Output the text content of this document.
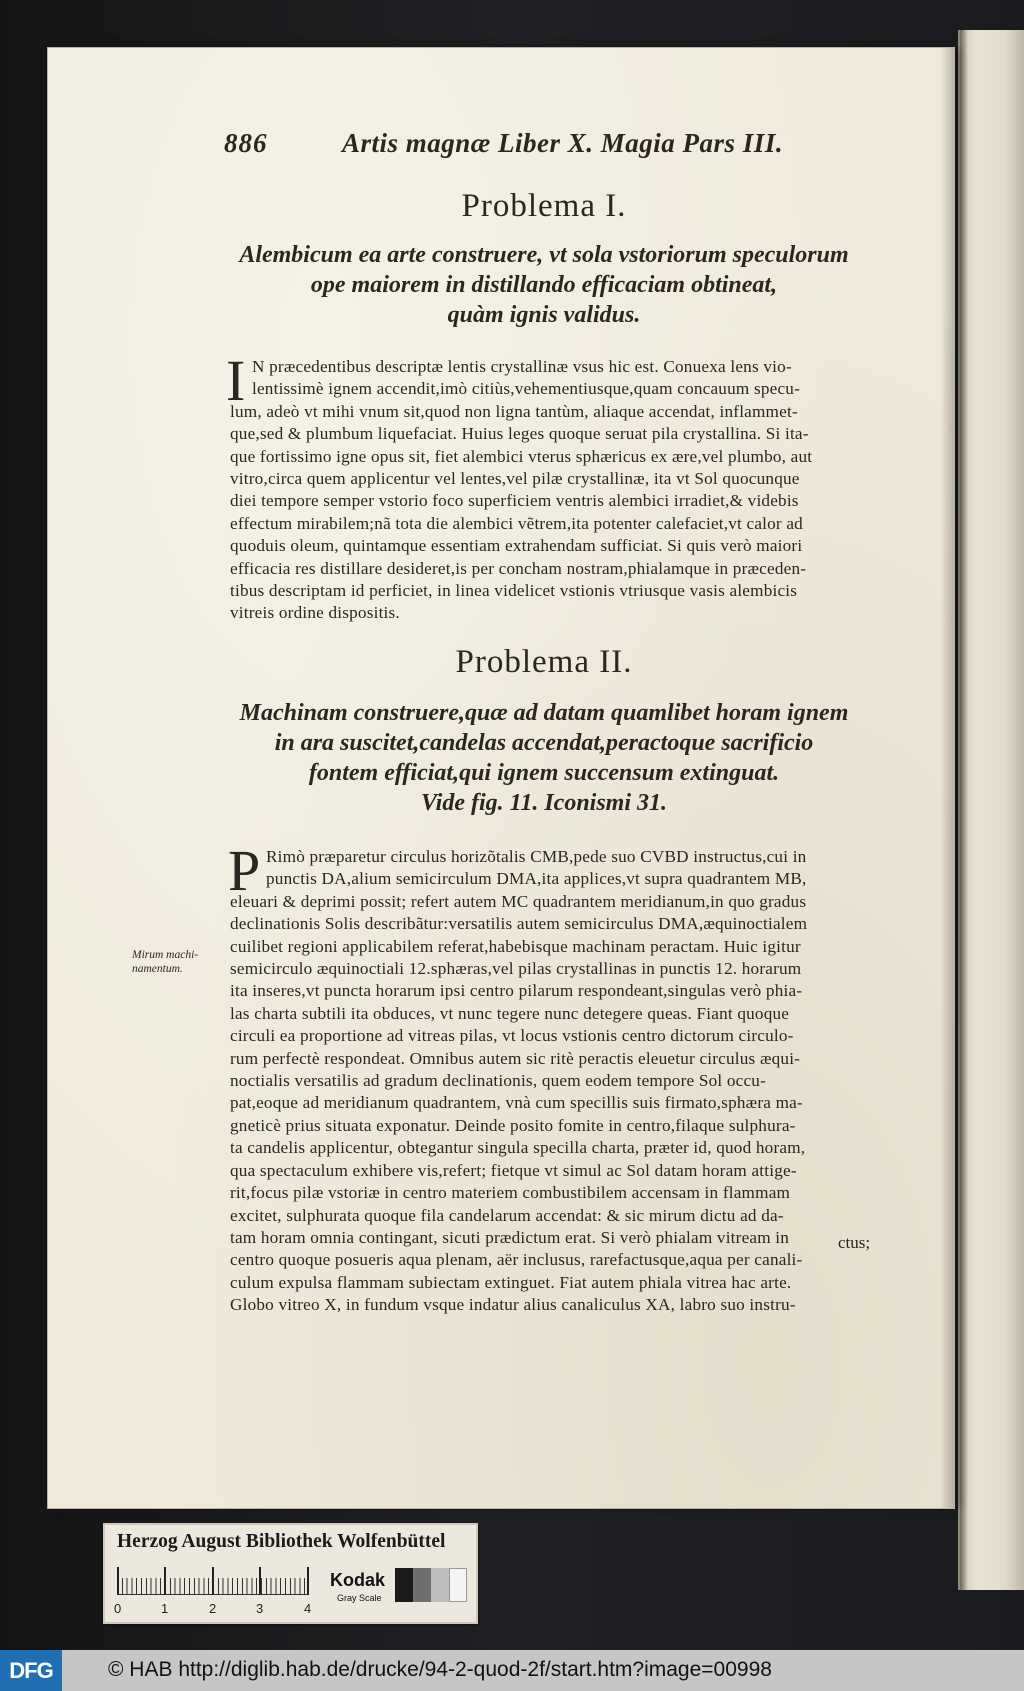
886	Artis magnæ Liber X. Magia Pars III.
Problema I.
Alembicum ea arte construere, vt sola vstoriorum speculorum
ope maiorem in distillando efficaciam obtineat,
quàm ignis validus.
I N præcedentibus descriptæ lentis crystallinæ vsus hic est. Conuexa lens vio-
lentissimè ignem accendit,imò citiùs,vehementiusque,quam concauum specu-
lum, adeò vt mihi vnum sit,quod non ligna tantùm, aliaque accendat, inflammet-
que,sed & plumbum liquefaciat. Huius leges quoque seruat pila crystallina. Si ita-
que fortissimo igne opus sit, fiet alembici vterus sphæricus ex ære,vel plumbo, aut
vitro,circa quem applicentur vel lentes,vel pilæ crystallinæ, ita vt Sol quocunque
diei tempore semper vstorio foco superficiem ventris alembici irradiet,& videbis
effectum mirabilem;nã tota die alembici vẽtrem,ita potenter calefaciet,vt calor ad
quoduis oleum, quintamque essentiam extrahendam sufficiat. Si quis verò maiori
efficacia res distillare desideret,is per concham nostram,phialamque in præceden-
tibus descriptam id perficiet, in linea videlicet vstionis vtriusque vasis alembicis
vitreis ordine dispositis.
Problema II.
Machinam construere,quæ ad datam quamlibet horam ignem
in ara suscitet,candelas accendat,peractoque sacrificio
fontem efficiat,qui ignem succensum extinguat.
Vide fig. 11. Iconismi 31.
Mirum machi-
namentum.
P Rimò præparetur circulus horizõtalis CMB,pede suo CVBD instructus,cui in
punctis DA,alium semicirculum DMA,ita applices,vt supra quadrantem MB,
eleuari & deprimi possit; refert autem MC quadrantem meridianum,in quo gradus
declinationis Solis describãtur:versatilis autem semicirculus DMA,æquinoctialem
cuilibet regioni applicabilem referat,habebisque machinam peractam. Huic igitur
semicirculo æquinoctiali 12.sphæras,vel pilas crystallinas in punctis 12. horarum
ita inseres,vt puncta horarum ipsi centro pilarum respondeant,singulas verò phia-
las charta subtili ita obduces, vt nunc tegere nunc detegere queas. Fiant quoque
circuli ea proportione ad vitreas pilas, vt locus vstionis centro dictorum circulo-
rum perfectè respondeat. Omnibus autem sic ritè peractis eleuetur circulus æqui-
noctialis versatilis ad gradum declinationis, quem eodem tempore Sol occu-
pat,eoque ad meridianum quadrantem, vnà cum specillis suis firmato,sphæra ma-
gneticè prius situata exponatur. Deinde posito fomite in centro,filaque sulphura-
ta candelis applicentur, obtegantur singula specilla charta, præter id, quod horam,
qua spectaculum exhibere vis,refert; fietque vt simul ac Sol datam horam attige-
rit,focus pilæ vstoriæ in centro materiem combustibilem accensam in flammam
excitet, sulphurata quoque fila candelarum accendat: & sic mirum dictu ad da-
tam horam omnia contingant, sicuti prædictum erat. Si verò phialam vitream in
centro quoque posueris aqua plenam, aër inclusus, rarefactusque,aqua per canali-
culum expulsa flammam subiectam extinguet. Fiat autem phiala vitrea hac arte.
Globo vitreo X, in fundum vsque indatur alius canaliculus XA, labro suo instru-
ctus;
Herzog August Bibliothek Wolfenbüttel
0	1	2	3	4
Kodak
Gray Scale
DFG	© HAB http://diglib.hab.de/drucke/94-2-quod-2f/start.htm?image=00998
